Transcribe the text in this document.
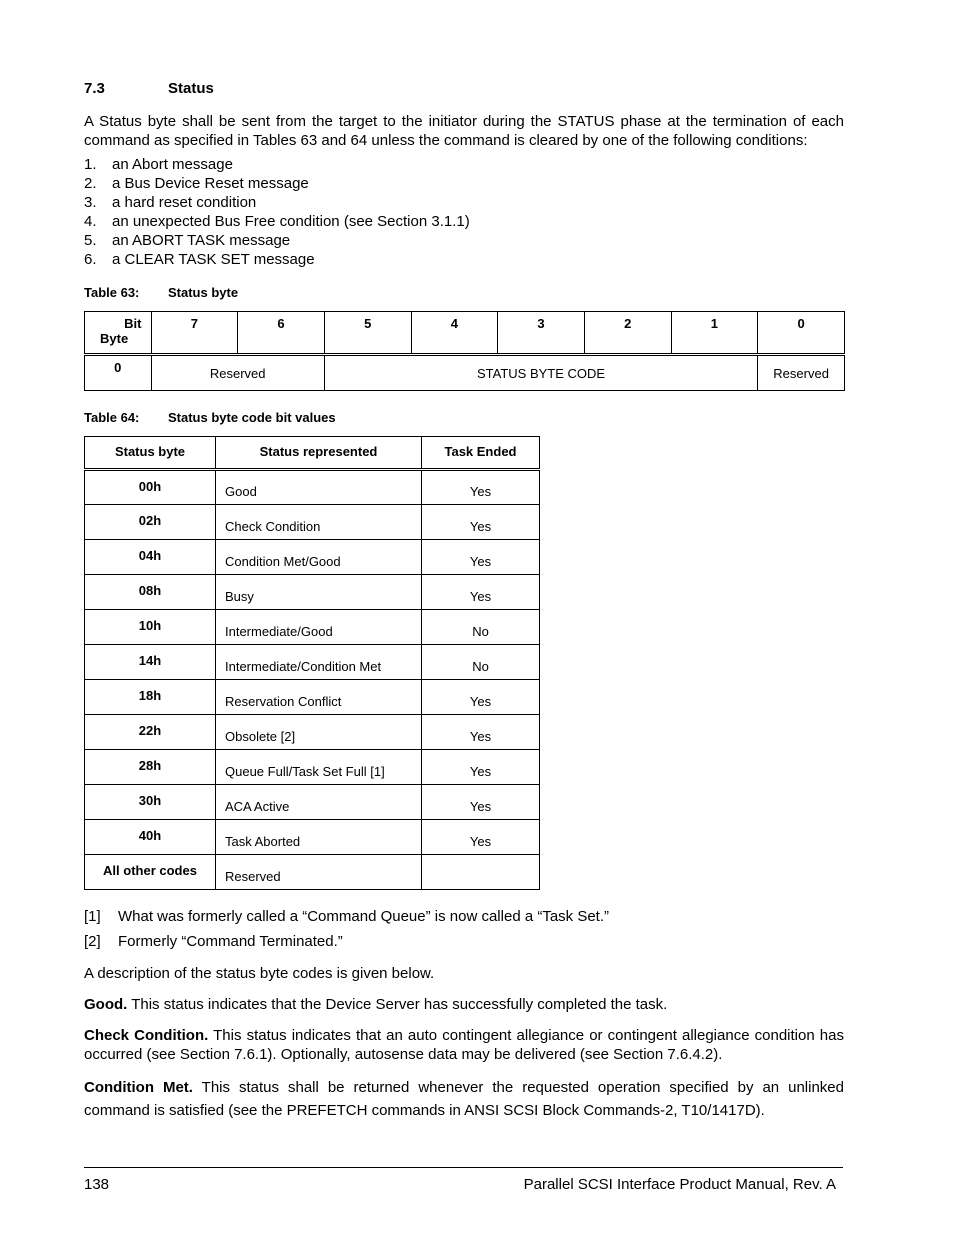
7.3	Status
A Status byte shall be sent from the target to the initiator during the STATUS phase at the termination of each command as specified in Tables 63 and 64 unless the command is cleared by one of the following conditions:
1. an Abort message
2. a Bus Device Reset message
3. a hard reset condition
4. an unexpected Bus Free condition (see Section 3.1.1)
5. an ABORT TASK message
6. a CLEAR TASK SET message
Table 63: Status byte
Bit
Byte	7	6	5	4	3	2	1	0
0	Reserved		STATUS BYTE CODE					Reserved
Table 64: Status byte code bit values
Status byte	Status represented	Task Ended
00h	Good	Yes
02h	Check Condition	Yes
04h	Condition Met/Good	Yes
08h	Busy	Yes
10h	Intermediate/Good	No
14h	Intermediate/Condition Met	No
18h	Reservation Conflict	Yes
22h	Obsolete [2]	Yes
28h	Queue Full/Task Set Full [1]	Yes
30h	ACA Active	Yes
40h	Task Aborted	Yes
All other codes	Reserved	
[1] What was formerly called a “Command Queue” is now called a “Task Set.”
[2] Formerly “Command Terminated.”
A description of the status byte codes is given below.
Good. This status indicates that the Device Server has successfully completed the task.
Check Condition. This status indicates that an auto contingent allegiance or contingent allegiance condition has occurred (see Section 7.6.1). Optionally, autosense data may be delivered (see Section 7.6.4.2).
Condition Met. This status shall be returned whenever the requested operation specified by an unlinked command is satisfied (see the PREFETCH commands in ANSI SCSI Block Commands-2, T10/1417D).
138	Parallel SCSI Interface Product Manual, Rev. A
